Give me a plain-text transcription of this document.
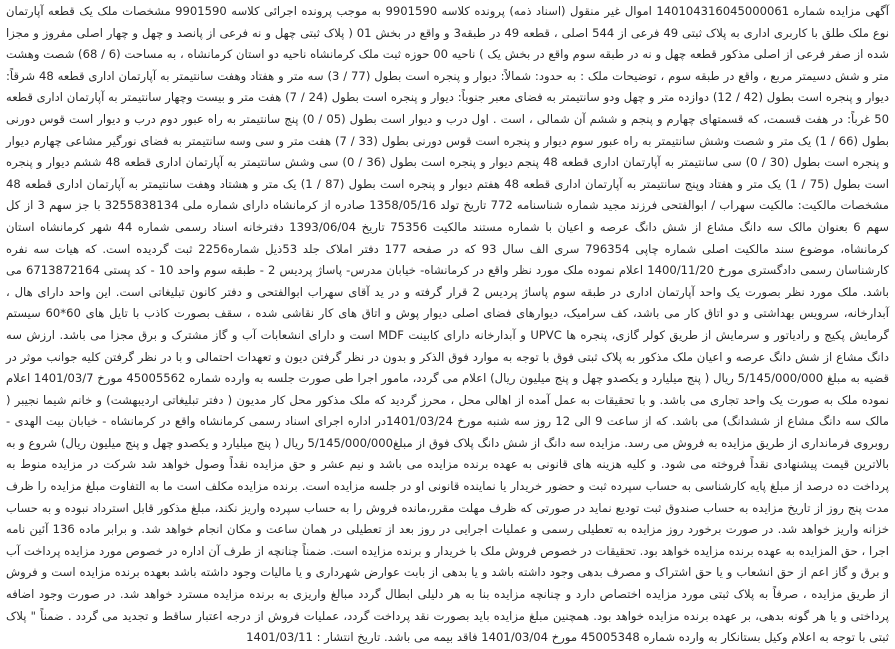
آگهی مزایده شماره 140104316045000061 اموال غیر منقول (اسناد ذمه) پرونده کلاسه 9901590 به موجب پرونده اجرائی کلاسه 9901590 مشخصات ملک یک قطعه آپارتمان نوع ملک طلق با کاربری اداری به پلاک ثبتی 49 فرعی از 544 اصلی ، قطعه 49 در طبقه3 و واقع در بخش 01 ( پلاک ثبتی چهل و نه فرعی از پانصد و چهل و چهار اصلی مفروز و مجزا شده از صفر فرعی از اصلی مذکور قطعه چهل و نه در طبقه سوم واقع در بخش یک ) ناحیه 00 حوزه ثبت ملک کرمانشاه ناحیه دو استان کرمانشاه ، به مساحت (6 / 68) شصت وهشت متر و شش دسیمتر مربع ، واقع در طبقه سوم ، توضیحات ملک : به حدود: شمالاً: دیوار و پنجره است بطول (77 / 3) سه متر و هفتاد وهفت سانتیمتر به آپارتمان اداری قطعه 48 شرقاً: دیوار و پنجره است بطول (42 / 12) دوازده متر و چهل ودو سانتیمتر به فضای معبر جنوباً: دیوار و پنجره است بطول (24 / 7) هفت متر و بیست وچهار سانتیمتر به آپارتمان اداری قطعه 50 غرباً: در هفت قسمت، که قسمتهای چهارم و پنجم و ششم آن شمالی ، است . اول درب و دیوار است بطول (05 / 0) پنج سانتیمتر به راه عبور دوم درب و دیوار است قوس دورنی بطول (66 / 1) یک متر و شصت وشش سانتیمتر به راه عبور سوم دیوار و پنجره است قوس دورنی بطول (33 / 7) هفت متر و سی وسه سانتیمتر به فضای نورگیر مشاعی چهارم دیوار و پنجره است بطول (30 / 0) سی سانتیمتر به آپارتمان اداری قطعه 48 پنجم دیوار و پنجره است بطول (36 / 0) سی وشش سانتیمتر به آپارتمان اداری قطعه 48 ششم دیوار و پنجره است بطول (75 / 1) یک متر و هفتاد وپنج سانتیمتر به آپارتمان اداری قطعه 48 هفتم دیوار و پنجره است بطول (87 / 1) یک متر و هشتاد وهفت سانتیمتر به آپارتمان اداری قطعه 48 مشخصات مالکیت: مالکیت سهراب / ابوالفتحی فرزند مجید شماره شناسنامه 772 تاریخ تولد 1358/05/16 صادره از کرمانشاه دارای شماره ملی 3255838134 با جز سهم 3 از کل سهم 6 بعنوان مالک سه دانگ مشاع از شش دانگ عرصه و اعیان با شماره مستند مالکیت 75356 تاریخ 1393/06/04 دفترخانه اسناد رسمی شماره 44 شهر کرمانشاه استان کرمانشاه، موضوع سند مالکیت اصلی شماره چاپی 796354 سری الف سال 93 که در صفحه 177 دفتر املاک جلد 53ذیل شماره2256 ثبت گردیده است. که هیات سه نفره کارشناسان رسمی دادگستری مورخ 1400/11/20 اعلام نموده ملک مورد نظر واقع در کرمانشاه- خیابان مدرس- پاساژ پردیس 2 - طبقه سوم واحد 10 - کد پستی 6713872164 می باشد. ملک مورد نظر بصورت یک واحد آپارتمان اداری در طبقه سوم پاساژ پردیس 2 قرار گرفته و در ید آقای سهراب ابوالفتحی و دفتر کانون تبلیغاتی است. این واحد دارای هال ، آبدارخانه، سرویس بهداشتی و دو اتاق کار می باشد، کف سرامیک، دیوارهای فضای اصلی دیوار پوش و اتاق های کار نقاشی شده ، سقف بصورت کاذب با تایل های 60*60 سیستم گرمایش پکیج و رادیاتور و سرمایش از طریق کولر گازی، پنجره ها UPVC و آبدارخانه دارای کابینت MDF است و دارای انشعابات آب و گاز مشترک و برق مجزا می باشد. ارزش سه دانگ مشاع از شش دانگ عرصه و اعیان ملک مذکور به پلاک ثبتی فوق با توجه به موارد فوق الذکر و بدون در نظر گرفتن دیون و تعهدات احتمالی و با در نظر گرفتن کلیه جوانب موثر در قضیه به مبلغ 5/145/000/000 ریال ( پنج میلیارد و یکصدو چهل و پنج میلیون ریال) اعلام می گردد، مامور اجرا طی صورت جلسه به وارده شماره 45005562 مورخ 1401/03/7 اعلام نموده ملک به صورت یک واحد تجاری می باشد. و با تحقیقات به عمل آمده از اهالی محل ، محرز گردید که ملک مذکور محل کار مدیون ( دفتر تبلیغاتی اردیبهشت) و خانم شیما نجیبر ( مالک سه دانگ مشاع از ششدانگ) می باشد. که از ساعت 9 الی 12 روز سه شنبه مورخ 1401/03/24در اداره اجرای اسناد رسمی کرمانشاه واقع در کرمانشاه - خیابان بیت الهدی - روبروی فرمانداری از طریق مزایده به فروش می رسد. مزایده سه دانگ از شش دانگ پلاک فوق از مبلغ5/145/000/000 ریال ( پنج میلیارد و یکصدو چهل و پنج میلیون ریال) شروع و به بالاترین قیمت پیشنهادی نقداً فروخته می شود. و کلیه هزینه های قانونی به عهده برنده مزایده می باشد و نیم عشر و حق مزایده نقداً وصول خواهد شد شرکت در مزایده منوط به پرداخت ده درصد از مبلغ پایه کارشناسی به حساب سپرده ثبت و حضور خریدار یا نماینده قانونی او در جلسه مزایده است. برنده مزایده مکلف است ما به التفاوت مبلغ مزایده را ظرف مدت پنج روز از تاریخ مزایده به حساب صندوق ثبت تودیع نماید در صورتی که ظرف مهلت مقرر،مانده فروش را به حساب سپرده واریز نکند، مبلغ مذکور قابل استرداد نبوده و به حساب خزانه واریز خواهد شد. در صورت برخورد روز مزایده به تعطیلی رسمی و عملیات اجرایی در روز بعد از تعطیلی در همان ساعت و مکان انجام خواهد شد. و برابر ماده 136 آئین نامه اجرا ، حق المزایده به عهده برنده مزایده خواهد بود. تحقیقات در خصوص فروش ملک با خریدار و برنده مزایده است. ضمناً چنانچه از طرف آن اداره در خصوص مورد مزایده پرداخت آب و برق و گاز اعم از حق انشعاب و یا حق اشتراک و مصرف بدهی وجود داشته باشد و یا بدهی از بابت عوارض شهرداری و یا مالیات وجود داشته باشد بعهده برنده مزایده است و فروش از طریق مزایده ، صرفاً به پلاک ثبتی مورد مزایده اختصاص دارد و چنانچه مزایده بنا به هر دلیلی ابطال گردد مبالغ واریزی به برنده مزایده مسترد خواهد شد. در صورت وجود اضافه پرداختی و یا هر گونه بدهی، بر عهده برنده مزایده خواهد بود. همچنین مبلغ مزایده باید بصورت نقد پرداخت گردد، عملیات فروش از درجه اعتبار ساقط و تجدید می گردد . ضمناً " پلاک ثبتی با توجه به اعلام وکیل بستانکار به وارده شماره 45005348 مورخ 1401/03/04 فاقد بیمه می باشد. تاریخ انتشار : 1401/03/11
